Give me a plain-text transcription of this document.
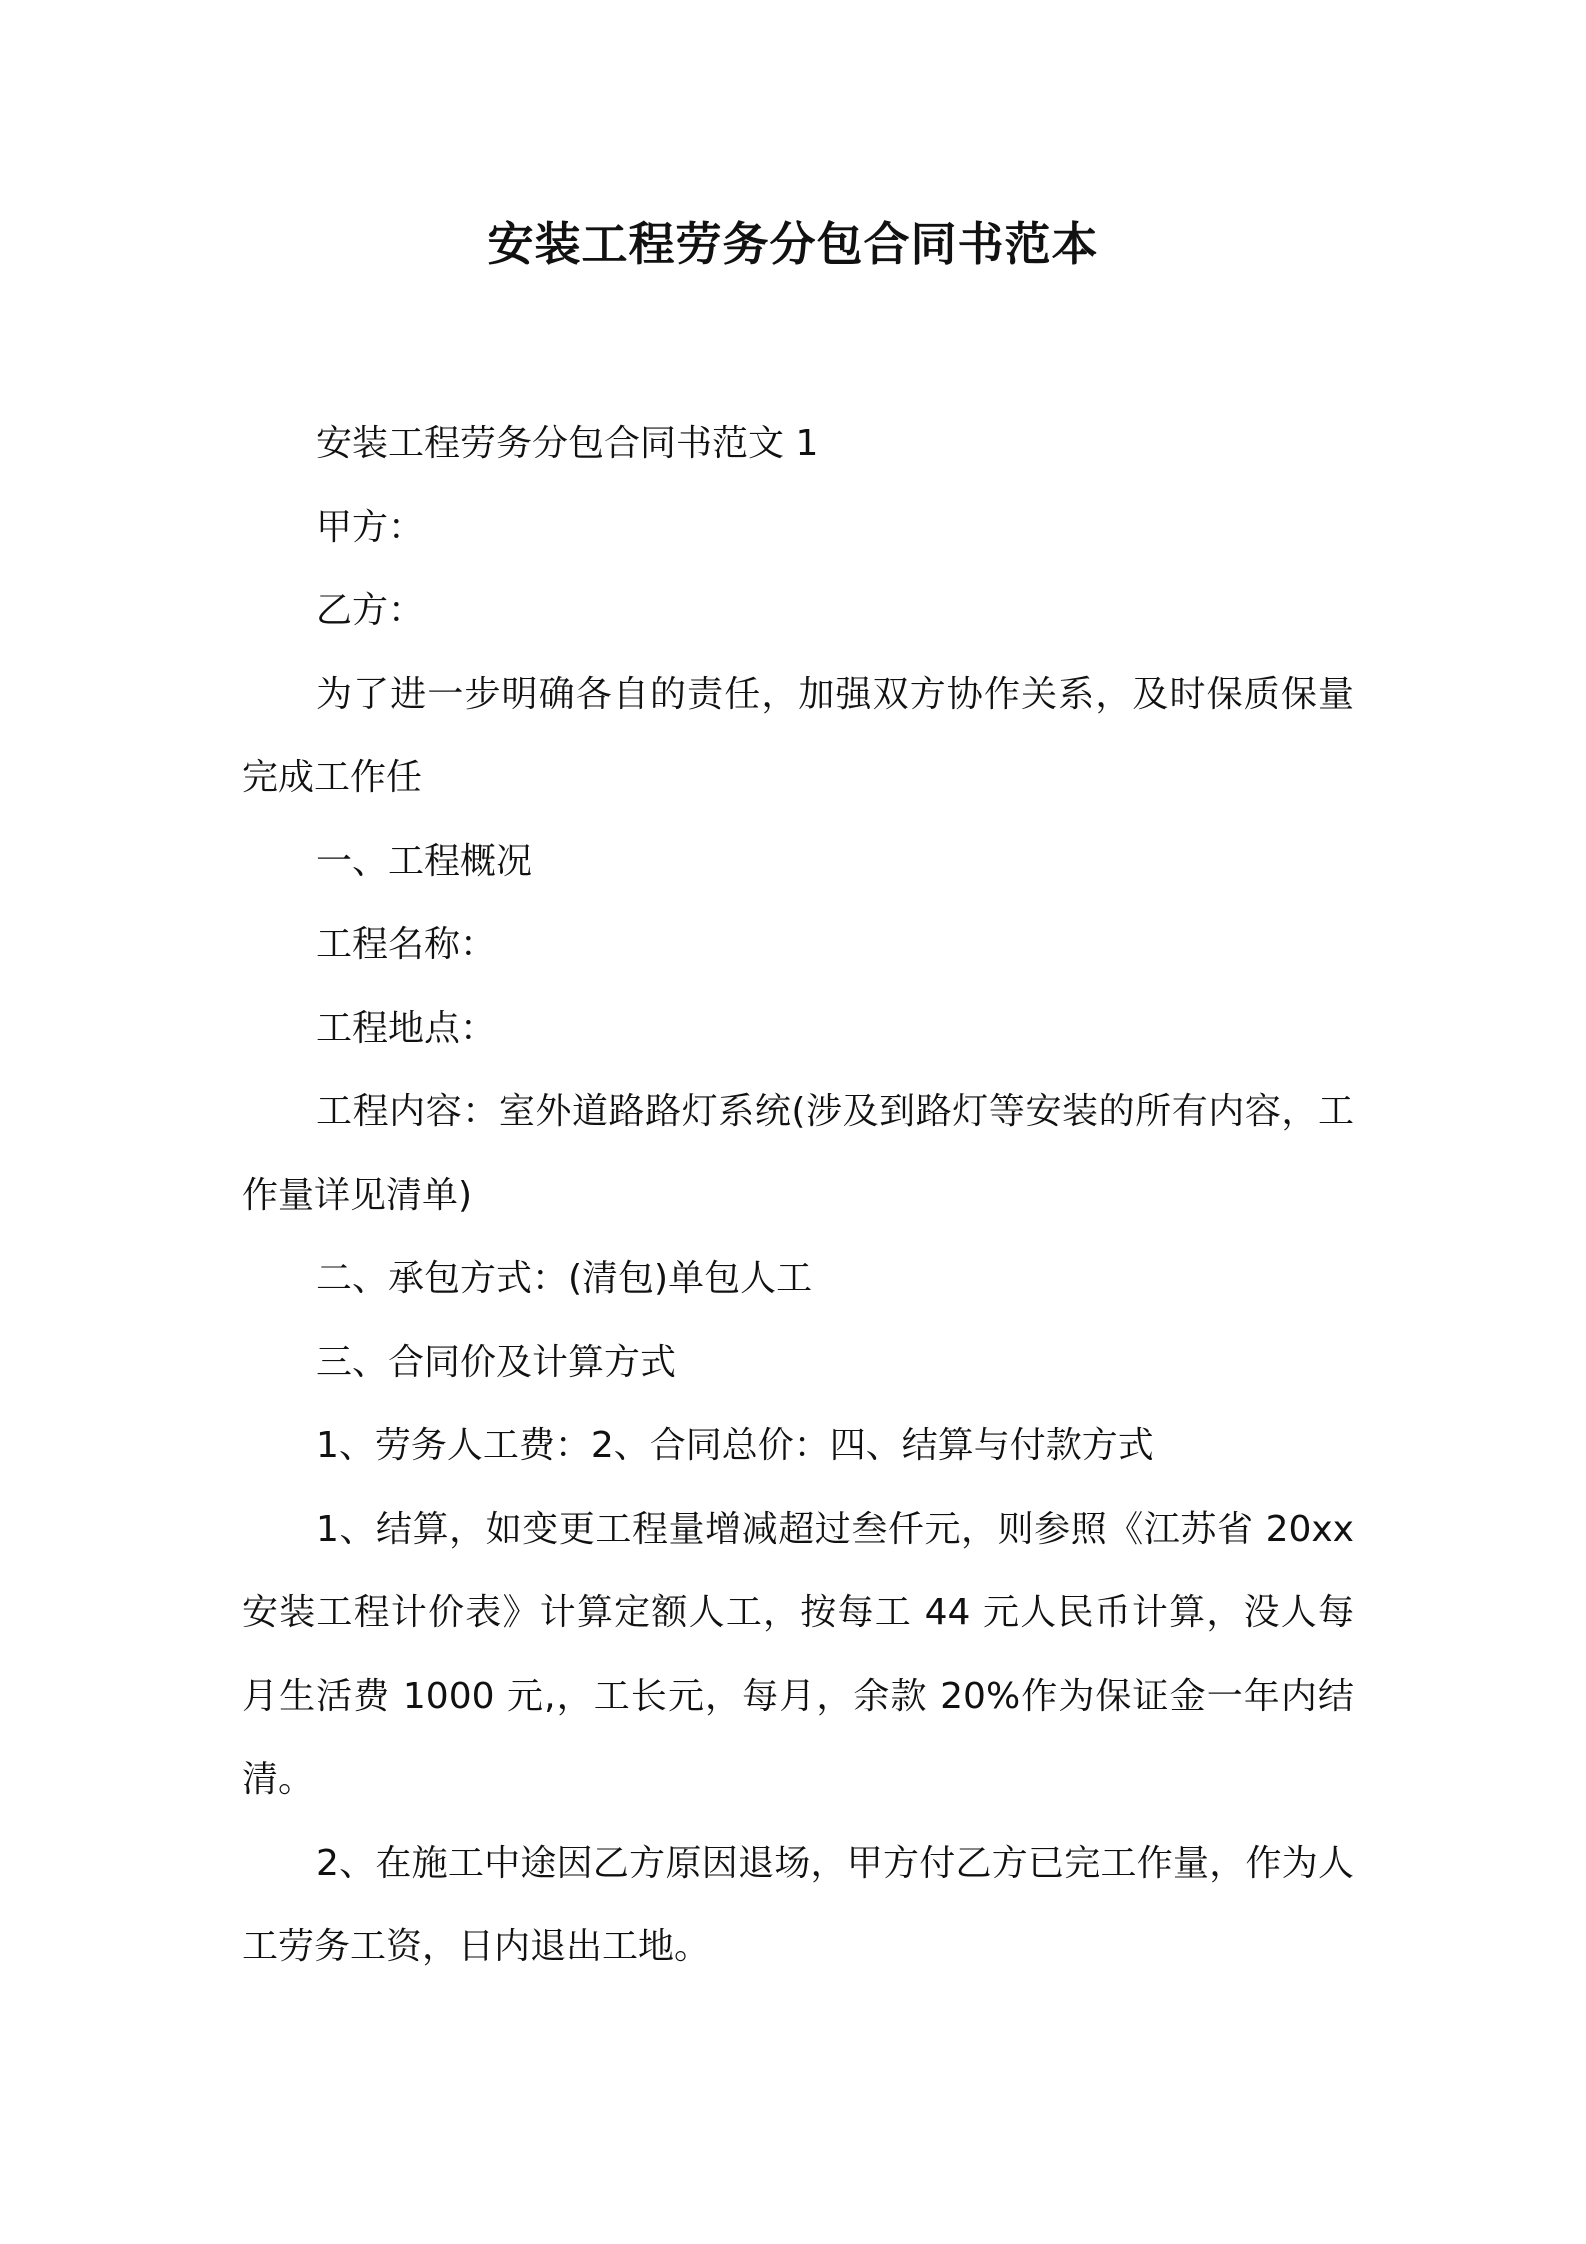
安装工程劳务分包合同书范本

安装工程劳务分包合同书范文 1

甲方：

乙方：

为了进一步明确各自的责任，加强双方协作关系，及时保质保量完成工作任

一、工程概况

工程名称：

工程地点：

工程内容：室外道路路灯系统(涉及到路灯等安装的所有内容，工作量详见清单)

二、承包方式：(清包)单包人工

三、合同价及计算方式

1、劳务人工费：2、合同总价：四、结算与付款方式

1、结算，如变更工程量增减超过叁仟元，则参照《江苏省 20xx 安装工程计价表》计算定额人工，按每工 44 元人民币计算，没人每月生活费 1000 元,，工长元，每月，余款 20%作为保证金一年内结清。

2、在施工中途因乙方原因退场，甲方付乙方已完工作量，作为人工劳务工资，日内退出工地。
